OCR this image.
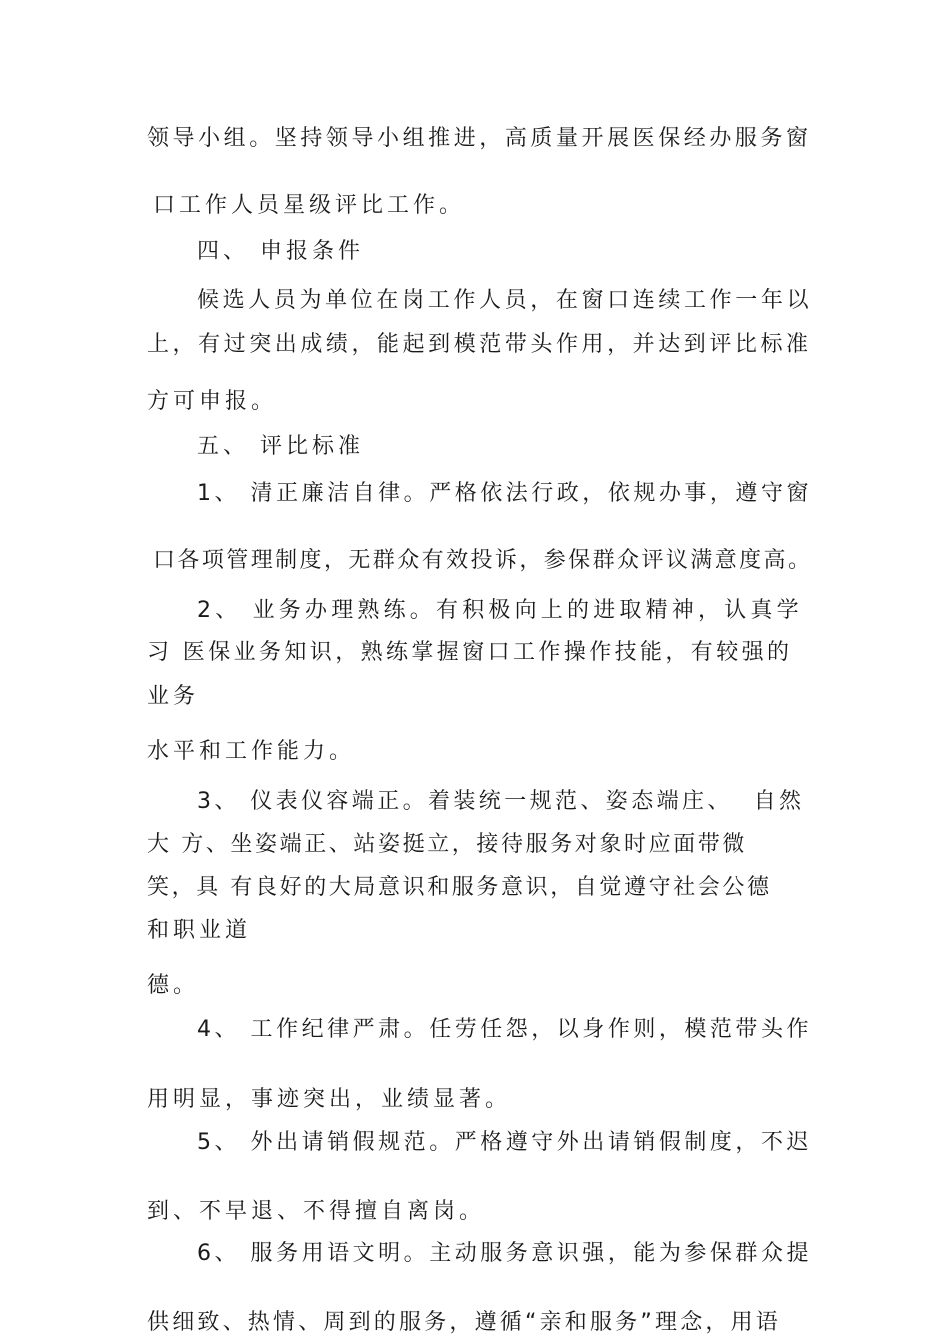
领导小组。坚持领导小组推进，高质量开展医保经办服务窗

口工作人员星级评比工作。

四、 申报条件

候选人员为单位在岗工作人员，在窗口连续工作一年以

上，有过突出成绩，能起到模范带头作用，并达到评比标准

方可申报。

五、 评比标准

1、 清正廉洁自律。严格依法行政，依规办事，遵守窗

口各项管理制度，无群众有效投诉，参保群众评议满意度高。

2、 业务办理熟练。有积极向上的进取精神，认真学

习 医保业务知识，熟练掌握窗口工作操作技能，有较强的

业务

水平和工作能力。

3、 仪表仪容端正。着装统一规范、姿态端庄、  自然

大 方、坐姿端正、站姿挺立，接待服务对象时应面带微

笑，具 有良好的大局意识和服务意识，自觉遵守社会公德

和职业道

德。

4、 工作纪律严肃。任劳任怨，以身作则，模范带头作

用明显，事迹突出，业绩显著。

5、 外出请销假规范。严格遵守外出请销假制度，不迟

到、不早退、不得擅自离岗。

6、 服务用语文明。主动服务意识强，能为参保群众提

供细致、热情、周到的服务，遵循“亲和服务”理念，用语
